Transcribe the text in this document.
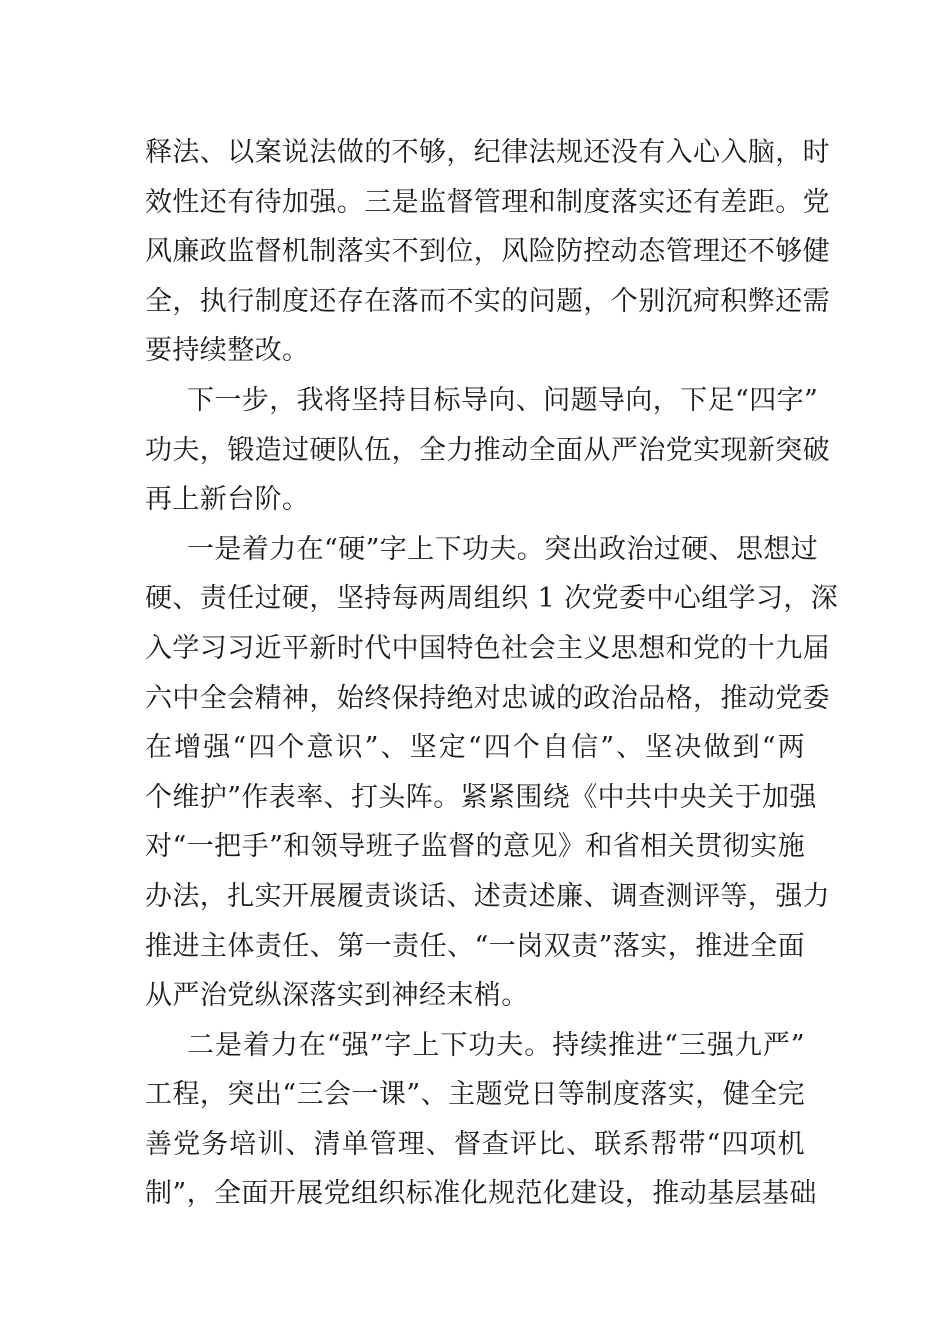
释法、以案说法做的不够，纪律法规还没有入心入脑，时
效性还有待加强。三是监督管理和制度落实还有差距。党
风廉政监督机制落实不到位，风险防控动态管理还不够健
全，执行制度还存在落而不实的问题，个别沉疴积弊还需
要持续整改。
下一步，我将坚持目标导向、问题导向，下足“四字”
功夫，锻造过硬队伍，全力推动全面从严治党实现新突破
再上新台阶。
一是着力在“硬”字上下功夫。突出政治过硬、思想过
硬、责任过硬，坚持每两周组织 1 次党委中心组学习，深
入学习习近平新时代中国特色社会主义思想和党的十九届
六中全会精神，始终保持绝对忠诚的政治品格，推动党委
在增强“四个意识”、坚定“四个自信”、坚决做到“两
个维护”作表率、打头阵。紧紧围绕《中共中央关于加强
对“一把手”和领导班子监督的意见》和省相关贯彻实施
办法，扎实开展履责谈话、述责述廉、调查测评等，强力
推进主体责任、第一责任、“一岗双责”落实，推进全面
从严治党纵深落实到神经末梢。
二是着力在“强”字上下功夫。持续推进“三强九严”
工程，突出“三会一课”、主题党日等制度落实，健全完
善党务培训、清单管理、督查评比、联系帮带“四项机
制”，全面开展党组织标准化规范化建设，推动基层基础
